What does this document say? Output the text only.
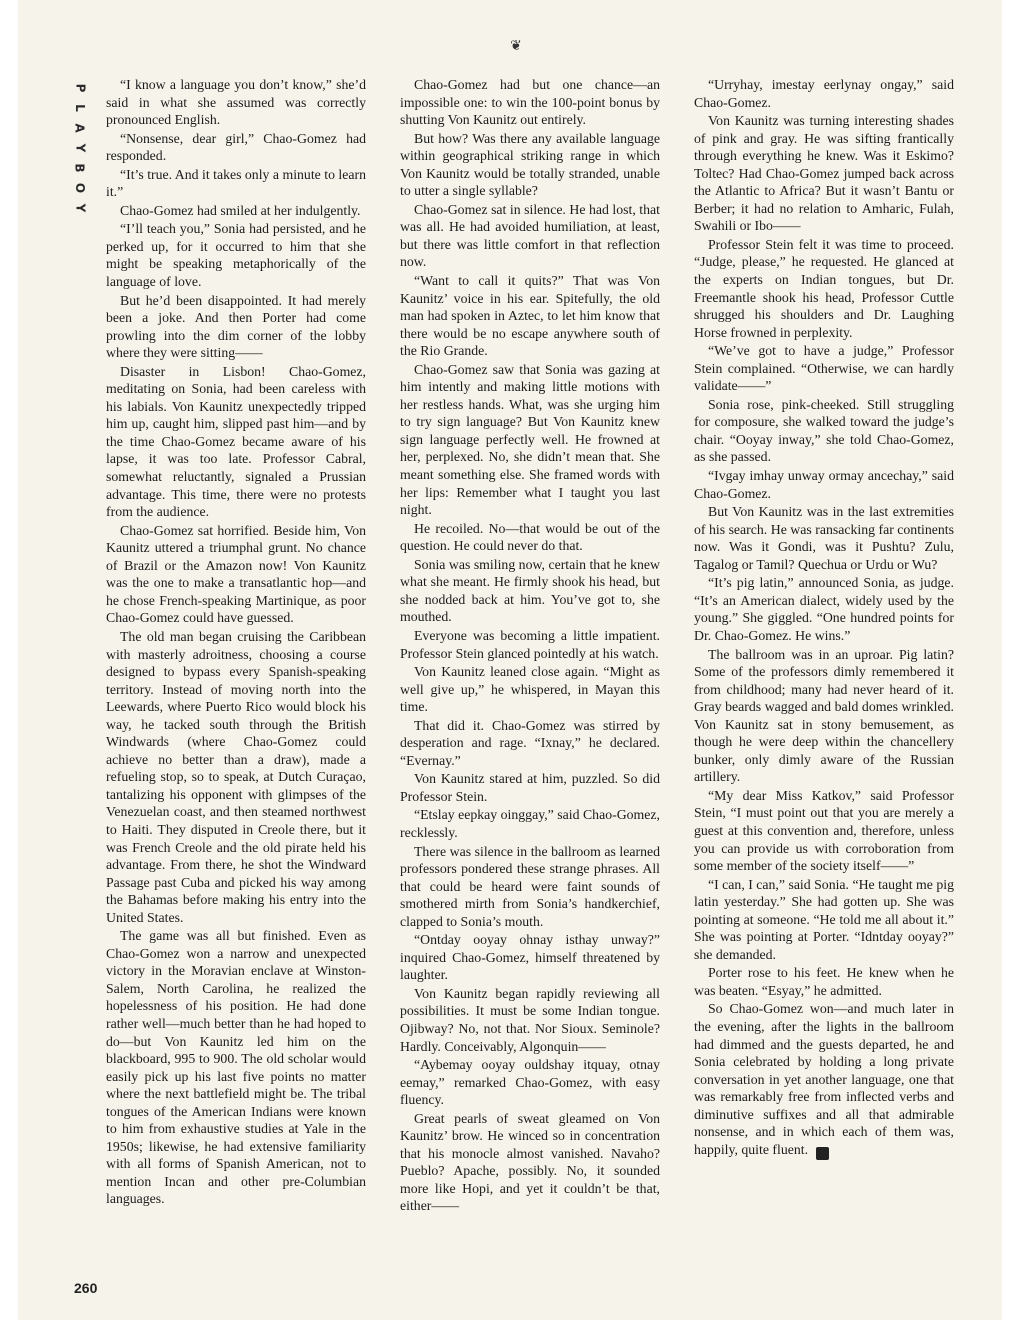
❦
P
L
A
Y
B
O
Y

“I know a language you don’t know,” she’d said in what she assumed was correctly pronounced English.

“Nonsense, dear girl,” Chao-Gomez had responded.

“It’s true. And it takes only a minute to learn it.”

Chao-Gomez had smiled at her indulgently.

“I’ll teach you,” Sonia had persisted, and he perked up, for it occurred to him that she might be speaking metaphorically of the language of love.

But he’d been disappointed. It had merely been a joke. And then Porter had come prowling into the dim corner of the lobby where they were sitting——

Disaster in Lisbon! Chao-Gomez, meditating on Sonia, had been careless with his labials. Von Kaunitz unexpectedly tripped him up, caught him, slipped past him—and by the time Chao-Gomez became aware of his lapse, it was too late. Professor Cabral, somewhat reluctantly, signaled a Prussian advantage. This time, there were no protests from the audience.

Chao-Gomez sat horrified. Beside him, Von Kaunitz uttered a triumphal grunt. No chance of Brazil or the Amazon now! Von Kaunitz was the one to make a transatlantic hop—and he chose French-speaking Martinique, as poor Chao-Gomez could have guessed.

The old man began cruising the Caribbean with masterly adroitness, choosing a course designed to bypass every Spanish-speaking territory. Instead of moving north into the Leewards, where Puerto Rico would block his way, he tacked south through the British Windwards (where Chao-Gomez could achieve no better than a draw), made a refueling stop, so to speak, at Dutch Curaçao, tantalizing his opponent with glimpses of the Venezuelan coast, and then steamed northwest to Haiti. They disputed in Creole there, but it was French Creole and the old pirate held his advantage. From there, he shot the Windward Passage past Cuba and picked his way among the Bahamas before making his entry into the United States.

The game was all but finished. Even as Chao-Gomez won a narrow and unexpected victory in the Moravian enclave at Winston-Salem, North Carolina, he realized the hopelessness of his position. He had done rather well—much better than he had hoped to do—but Von Kaunitz led him on the blackboard, 995 to 900. The old scholar would easily pick up his last five points no matter where the next battlefield might be. The tribal tongues of the American Indians were known to him from exhaustive studies at Yale in the 1950s; likewise, he had extensive familiarity with all forms of Spanish American, not to mention Incan and other pre-Columbian languages.

Chao-Gomez had but one chance—an impossible one: to win the 100-point bonus by shutting Von Kaunitz out entirely.

But how? Was there any available language within geographical striking range in which Von Kaunitz would be totally stranded, unable to utter a single syllable?

Chao-Gomez sat in silence. He had lost, that was all. He had avoided humiliation, at least, but there was little comfort in that reflection now.

“Want to call it quits?” That was Von Kaunitz’ voice in his ear. Spitefully, the old man had spoken in Aztec, to let him know that there would be no escape anywhere south of the Rio Grande.

Chao-Gomez saw that Sonia was gazing at him intently and making little motions with her restless hands. What, was she urging him to try sign language? But Von Kaunitz knew sign language perfectly well. He frowned at her, perplexed. No, she didn’t mean that. She meant something else. She framed words with her lips: Remember what I taught you last night.

He recoiled. No—that would be out of the question. He could never do that.

Sonia was smiling now, certain that he knew what she meant. He firmly shook his head, but she nodded back at him. You’ve got to, she mouthed.

Everyone was becoming a little impatient. Professor Stein glanced pointedly at his watch.

Von Kaunitz leaned close again. “Might as well give up,” he whispered, in Mayan this time.

That did it. Chao-Gomez was stirred by desperation and rage. “Ixnay,” he declared. “Evernay.”

Von Kaunitz stared at him, puzzled. So did Professor Stein.

“Etslay eepkay oinggay,” said Chao-Gomez, recklessly.

There was silence in the ballroom as learned professors pondered these strange phrases. All that could be heard were faint sounds of smothered mirth from Sonia’s handkerchief, clapped to Sonia’s mouth.

“Ontday ooyay ohnay isthay unway?” inquired Chao-Gomez, himself threatened by laughter.

Von Kaunitz began rapidly reviewing all possibilities. It must be some Indian tongue. Ojibway? No, not that. Nor Sioux. Seminole? Hardly. Conceivably, Algonquin——

“Aybemay ooyay ouldshay itquay, otnay eemay,” remarked Chao-Gomez, with easy fluency.

Great pearls of sweat gleamed on Von Kaunitz’ brow. He winced so in concentration that his monocle almost vanished. Navaho? Pueblo? Apache, possibly. No, it sounded more like Hopi, and yet it couldn’t be that, either——

“Urryhay, imestay eerlynay ongay,” said Chao-Gomez.

Von Kaunitz was turning interesting shades of pink and gray. He was sifting frantically through everything he knew. Was it Eskimo? Toltec? Had Chao-Gomez jumped back across the Atlantic to Africa? But it wasn’t Bantu or Berber; it had no relation to Amharic, Fulah, Swahili or Ibo——

Professor Stein felt it was time to proceed. “Judge, please,” he requested. He glanced at the experts on Indian tongues, but Dr. Freemantle shook his head, Professor Cuttle shrugged his shoulders and Dr. Laughing Horse frowned in perplexity.

“We’ve got to have a judge,” Professor Stein complained. “Otherwise, we can hardly validate——”

Sonia rose, pink-cheeked. Still struggling for composure, she walked toward the judge’s chair. “Ooyay inway,” she told Chao-Gomez, as she passed.

“Ivgay imhay unway ormay ancechay,” said Chao-Gomez.

But Von Kaunitz was in the last extremities of his search. He was ransacking far continents now. Was it Gondi, was it Pushtu? Zulu, Tagalog or Tamil? Quechua or Urdu or Wu?

“It’s pig latin,” announced Sonia, as judge. “It’s an American dialect, widely used by the young.” She giggled. “One hundred points for Dr. Chao-Gomez. He wins.”

The ballroom was in an uproar. Pig latin? Some of the professors dimly remembered it from childhood; many had never heard of it. Gray beards wagged and bald domes wrinkled. Von Kaunitz sat in stony bemusement, as though he were deep within the chancellery bunker, only dimly aware of the Russian artillery.

“My dear Miss Katkov,” said Professor Stein, “I must point out that you are merely a guest at this convention and, therefore, unless you can provide us with corroboration from some member of the society itself——”

“I can, I can,” said Sonia. “He taught me pig latin yesterday.” She had gotten up. She was pointing at someone. “He told me all about it.” She was pointing at Porter. “Idntday ooyay?” she demanded.

Porter rose to his feet. He knew when he was beaten. “Esyay,” he admitted.

So Chao-Gomez won—and much later in the evening, after the lights in the ballroom had dimmed and the guests departed, he and Sonia celebrated by holding a long private conversation in yet another language, one that was remarkably free from inflected verbs and diminutive suffixes and all that admirable nonsense, and in which each of them was, happily, quite fluent. P

260
